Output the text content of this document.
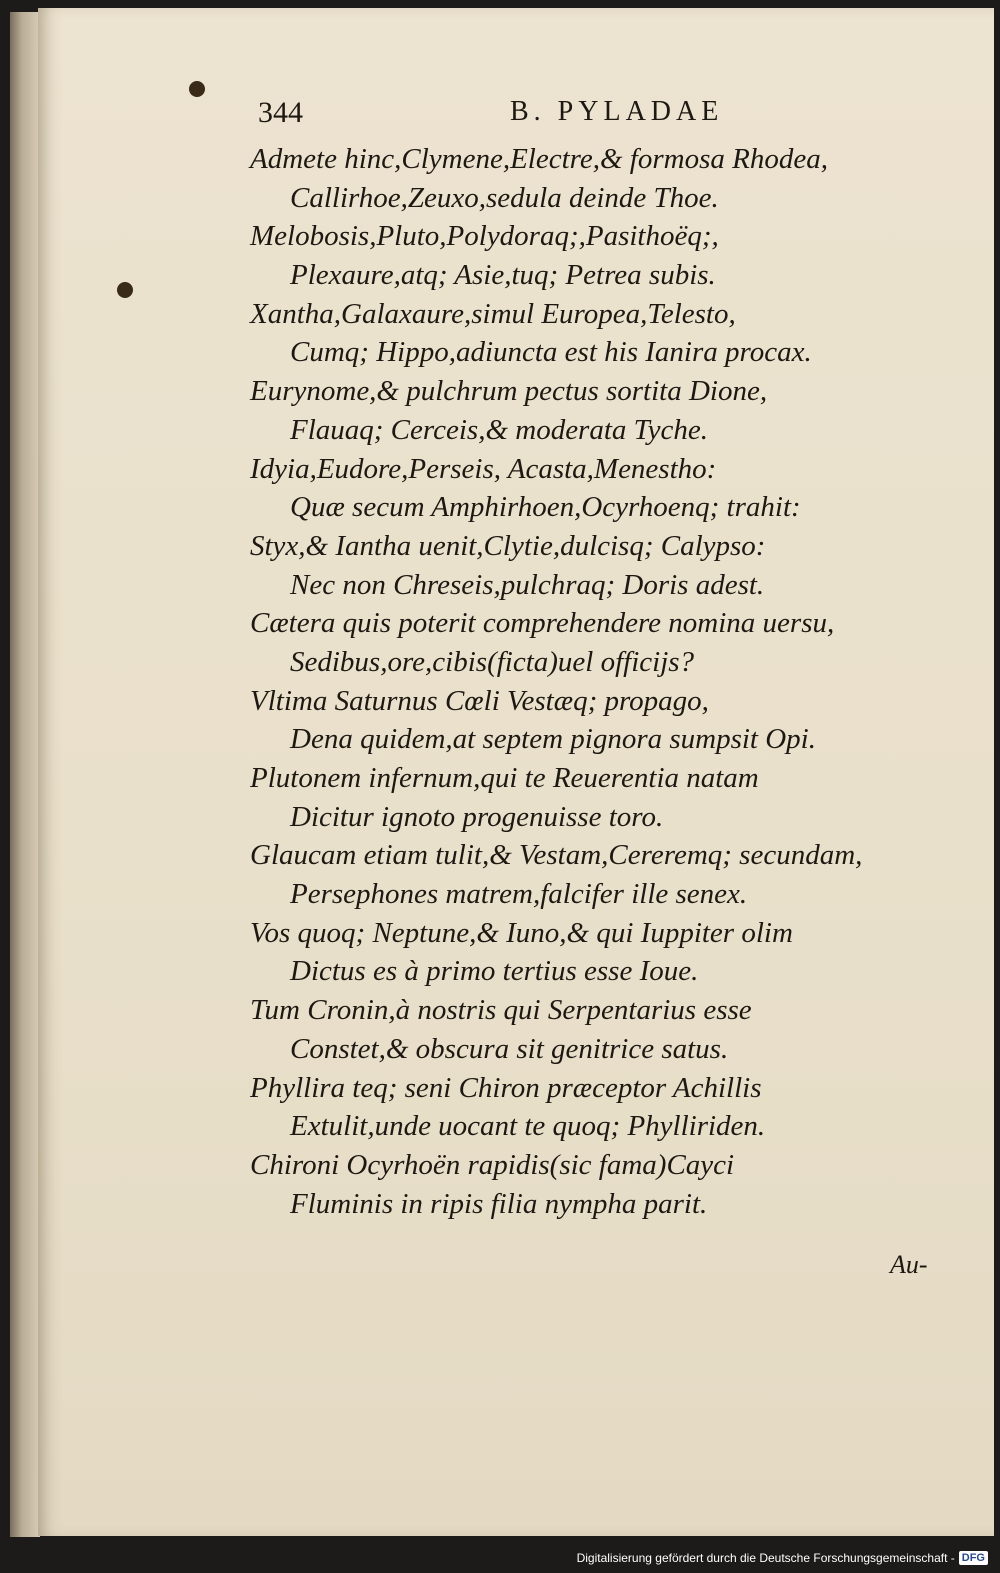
344	B. PYLADAE
Admete hinc,Clymene,Electre,& formosa Rhodea,
Callirhoe,Zeuxo,sedula deinde Thoe.
Melobosis,Pluto,Polydoraq;,Pasithoëq;,
Plexaure,atq; Asie,tuq; Petrea subis.
Xantha,Galaxaure,simul Europea,Telesto,
Cumq; Hippo,adiuncta est his Ianira procax.
Eurynome,& pulchrum pectus sortita Dione,
Flauaq; Cerceis,& moderata Tyche.
Idyia,Eudore,Perseis, Acasta,Menestho:
Quæ secum Amphirhoen,Ocyrhoenq; trahit:
Styx,& Iantha uenit,Clytie,dulcisq; Calypso:
Nec non Chreseis,pulchraq; Doris adest.
Cætera quis poterit comprehendere nomina uersu,
Sedibus,ore,cibis(ficta)uel officijs?
Vltima Saturnus Cœli Vestæq; propago,
Dena quidem,at septem pignora sumpsit Opi.
Plutonem infernum,qui te Reuerentia natam
Dicitur ignoto progenuisse toro.
Glaucam etiam tulit,& Vestam,Cereremq; secundam,
Persephones matrem,falcifer ille senex.
Vos quoq; Neptune,& Iuno,& qui Iuppiter olim
Dictus es à primo tertius esse Ioue.
Tum Cronin,à nostris qui Serpentarius esse
Constet,& obscura sit genitrice satus.
Phyllira teq; seni Chiron præceptor Achillis
Extulit,unde uocant te quoq; Phylliriden.
Chironi Ocyrhoën rapidis(sic fama)Cayci
Fluminis in ripis filia nympha parit.
Au-
Digitalisierung gefördert durch die Deutsche Forschungsgemeinschaft - DFG
